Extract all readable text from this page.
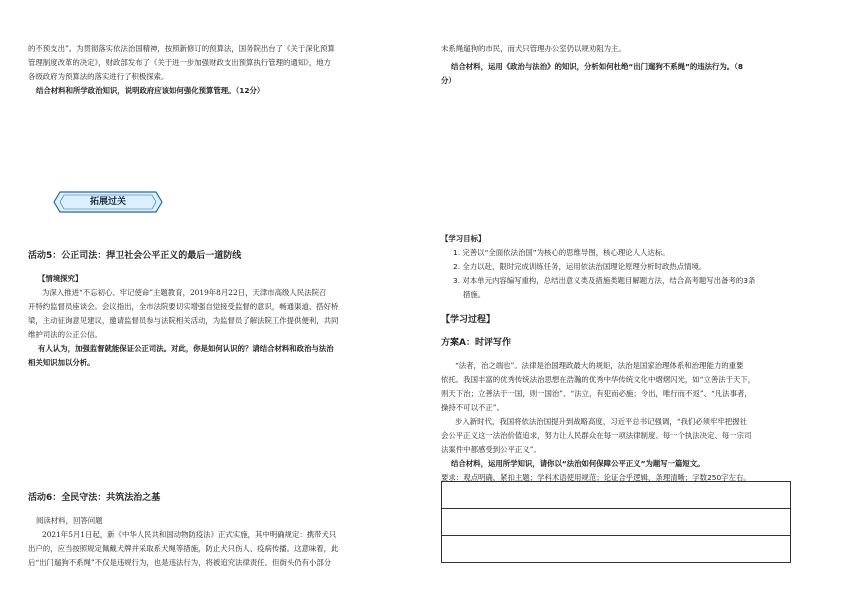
的不预支出”。为贯彻落实依法治国精神，按照新修订的预算法，国务院出台了《关于深化预算

管理制度改革的决定》，财政部发布了《关于进一步加强财政支出预算执行管理的通知》，地方

各级政府为预算法的落实进行了积极探索。

结合材料和所学政治知识，说明政府应该如何强化预算管理。（12分）

拓展过关

活动5：公正司法：捍卫社会公平正义的最后一道防线

【情境探究】

为深入推进“不忘初心、牢记使命”主题教育，2019年8月22日，天津市高级人民法院召

开特约监督员座谈会。会议指出，全市法院要切实增强自觉接受监督的意识，畅通渠道、搭好桥

梁，主动征询意见建议，邀请监督员参与法院相关活动，为监督员了解法院工作提供便利，共同

维护司法的公正公信。

有人认为，加强监督就能保证公正司法。对此，你是如何认识的？请结合材料和政治与法治

相关知识加以分析。

活动6：全民守法：共筑法治之基

阅读材料，回答问题

2021年5月1日起，新《中华人民共和国动物防疫法》正式实施，其中明确规定：携带犬只

出户的，应当按照规定佩戴犬牌并采取系犬绳等措施，防止犬只伤人、疫病传播。这意味着，此

后“出门遛狗不系绳”不仅是违规行为，也是违法行为，将被追究法律责任。但街头仍有小部分

未系绳遛狗的市民，而犬只管理办公室仍以规劝阻为主。

结合材料，运用《政治与法治》的知识，分析如何杜绝“出门遛狗不系绳”的违法行为。（8

分）

【学习目标】

1. 完善以“全面依法治国”为核心的思维导图，核心理论人人达标。

2. 全力以赴，限时完成训练任务，运用依法治国理论原理分析时政热点情境。

3. 对本单元内容编写重构，总结出意义类及措施类题目解题方法，结合高考题写出备考的3条

措施。

【学习过程】

方案A：时评写作

“法者，治之端也”。法律是治国理政最大的规矩，法治是国家治理体系和治理能力的重要

依托。我国丰富的优秀传统法治思想在浩瀚的优秀中华传统文化中熠熠闪光，如“立善法于天下，

则天下治；立善法于一国，则一国治”、“法立，有犯而必施；令出，唯行而不返”、“凡法事者，

操持不可以不正”。

步入新时代，我国将依法治国提升到战略高度，习近平总书记强调，“我们必须牢牢把握社

会公平正义这一法治价值追求，努力让人民群众在每一项法律制度、每一个执法决定、每一宗司

法案件中都感受到公平正义”。

结合材料，运用所学知识，请你以“法治如何保障公平正义”为题写一篇短文。

要求：观点明确，紧扣主题；学科术语使用规范；论证合乎逻辑，条理清晰；字数250字左右。
